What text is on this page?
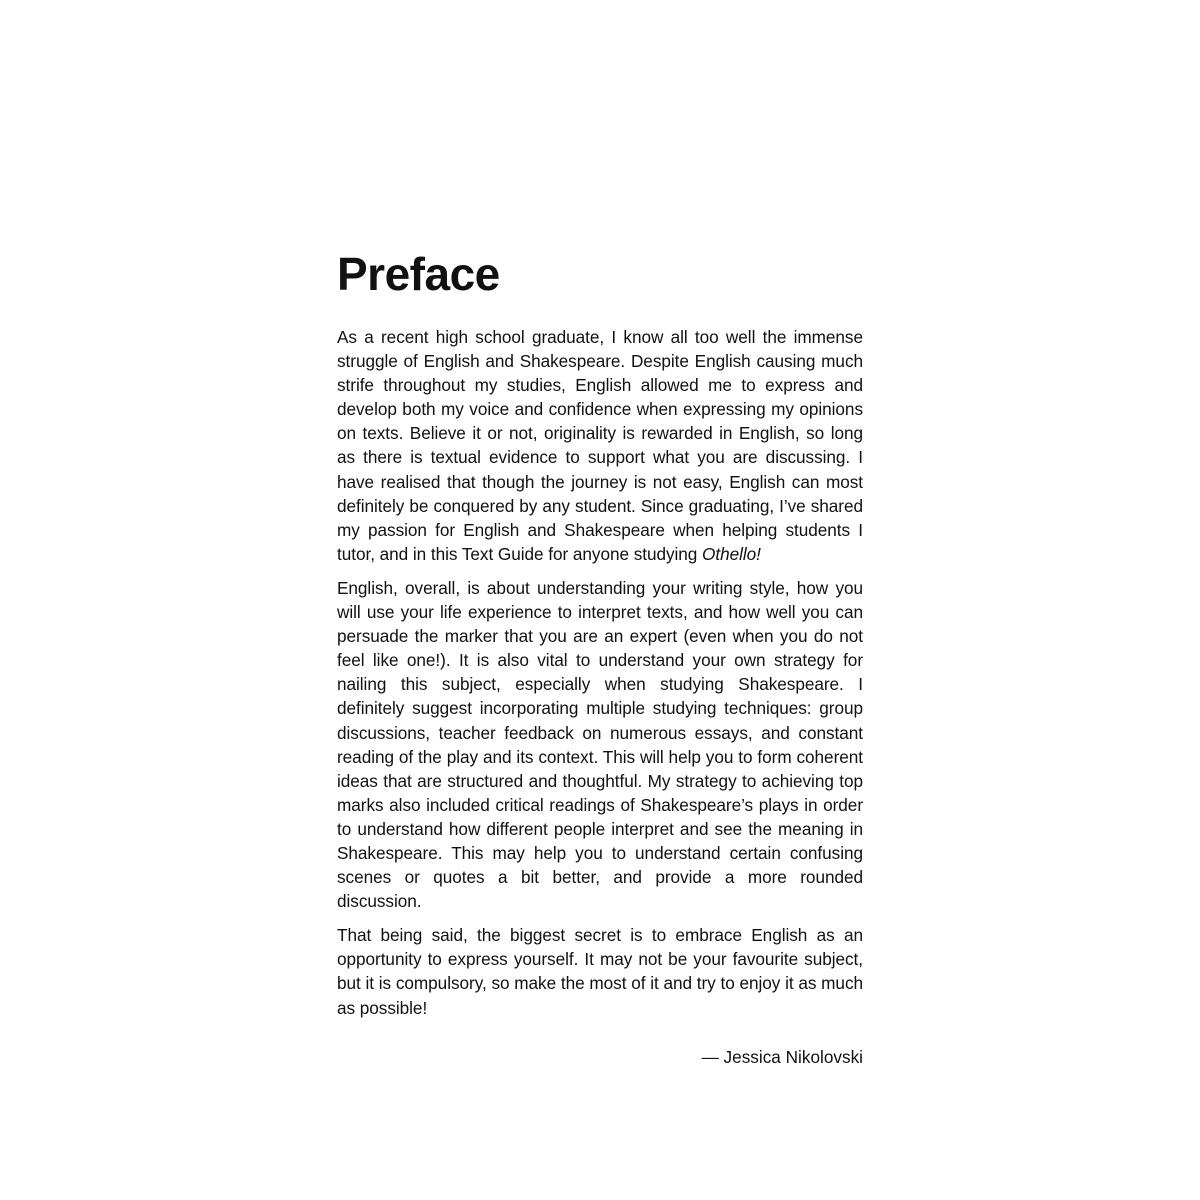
Preface

As a recent high school graduate, I know all too well the immense struggle of English and Shakespeare. Despite English causing much strife throughout my studies, English allowed me to express and develop both my voice and confidence when expressing my opinions on texts. Believe it or not, originality is rewarded in English, so long as there is textual evidence to support what you are discussing. I have realised that though the journey is not easy, English can most definitely be conquered by any student. Since graduating, I’ve shared my passion for English and Shakespeare when helping students I tutor, and in this Text Guide for anyone studying Othello!

English, overall, is about understanding your writing style, how you will use your life experience to interpret texts, and how well you can persuade the marker that you are an expert (even when you do not feel like one!). It is also vital to understand your own strategy for nailing this subject, especially when studying Shakespeare. I definitely suggest incorporating multiple studying techniques: group discussions, teacher feedback on numerous essays, and constant reading of the play and its context. This will help you to form coherent ideas that are structured and thoughtful. My strategy to achieving top marks also included critical readings of Shakespeare’s plays in order to understand how different people interpret and see the meaning in Shakespeare. This may help you to understand certain confusing scenes or quotes a bit better, and provide a more rounded discussion.

That being said, the biggest secret is to embrace English as an opportunity to express yourself. It may not be your favourite subject, but it is compulsory, so make the most of it and try to enjoy it as much as possible!

— Jessica Nikolovski
